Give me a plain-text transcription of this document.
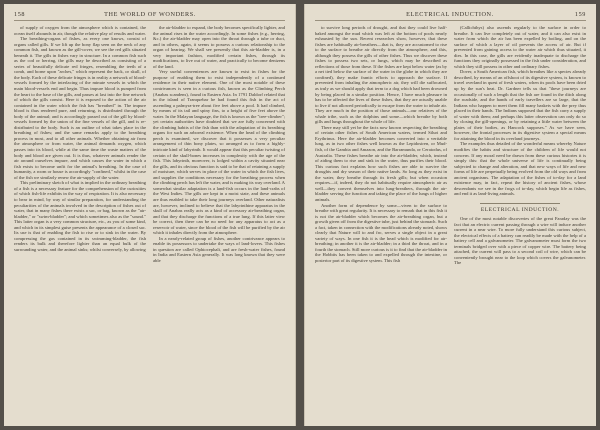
158	THE WORLD OF WONDERS.

of supply of oxygen from the atmosphere which is contained, the ocean itself abounds in air, though the relative play of results and water.

The breathing-organs of fishes, as every one knows, consist of organs called gills. If we lift up the bony flap seen on the neck of any common fish, and known as the gill-cover, we see the red gills situated beneath it. The gills in fishes vary in structure. In a common fish such as the cod or herring, the gills may be described as consisting of a series of beautifully delicate red fringes, resembling the teeth of a comb, and borne upon "arches," which represent the back, or skull, of the body. Each of these delicate fringes is in reality a network of blood-vessels formed by the interlacing of the minute vessels in which the main blood-vessels end and begin. Thus impure blood is pumped from the heart to the base of the gills, and passes at last into the fine network of which the gills consist. Here it is exposed to the action of the air contained in the water which the fish has "breathed" in. The impure blood is thus rendered pure, and returning, is distributed through the body of the animal; and is accordingly passed out of the gill by blood-vessels formed by the union of the fine vessels of the gill, and is re-distributed to the body. Such is an outline of what takes place in the breathing of fishes; and the same remarks apply to the breathing process in most, and to all other animals. Whether obtaining air from the atmosphere or from water, the animal demands oxygen, which passes into its blood, while at the same time the waste matters of the body and blood are given out. It is thus, whatever animals render the air around ourselves impure, and which causes the water in which a fish exists to become unfit for the animal's breathing. In the case of humanity, a room or house is accordingly "confined," whilst in the case of the fish we similarly renew the air-supply of the water.

This preliminary sketch of what is implied in the ordinary breathing of a fish is a necessary feature for the comprehension of the curiosities of which fish-life exhibits in the way of respiration. It is also necessary to bear in mind, by way of similar preparation, for understanding the peculiarities of the animals involved in the description of fishes out of water, that in many fishes there exists a sac, or bag, known as the "air-bladder," or "swim-bladder"; and which sometimes also as the "sound." This latter organ is a very common structure, etc., as you of some kind, and which in its simplest guise presents the appearance of a closed sac. Its use is that of enabling the fish to rise or to sink in the water. By compressing the gas contained in its swimming-bladder, the fish renders its bulk and therefore lighter than an equal bulk of the surrounding water, and the animal sinks; whilst conversely, by allowing

the air-bladder to expand, the body becomes specifically lighter, and the animal rises in the water accordingly. In some fishes (e.g., herring, &c.) the air-bladder may open into the throat through a tube or duct, and in others, again, it seems to possess a curious relationship to the organ of hearing. We shall see presently that this air-bladder is, in a very important fashion, modified certain fishes, through its modifications, to live out of water, and practically to become denizens of the land.

Very useful conveniences are known to exist in fishes for the purpose of enabling them to exist independently of a continued residence in their native element. One of the most notable of these contrivances is seen in a curious fish, known as the Climbing Perch (Anabas scandens), found in Eastern Asia. In 1791 Daldorf related that in the island of Tranquebar he had found this fish in the act of ascending a palmyra-tree about five feet above a pool. It had climbed, by means of its tail and spiny fins, to a height of five feet above the water. In the Malayan language, the fish is known as the "tree-climber"; yet certain authorities have doubted that we are fully concerned with the climbing habits of the fish than with the adaptation of its breathing organs for such an arboreal existence. When the head of the climbing perch is examined, we discover that it possesses a very peculiar arrangement of thin bony plates, so arranged as to form a highly-intricate kind of labyrinth. It would appear that this peculiar twisting of certain of the skull-bones increases in complexity with the age of the fish. This labyrinth, moreover, is lodged within a cavity situated near the gills, and its obvious function is said to be that of retaining a supply of moisture, which serves in place of the water in which the fish lives, and supplies the conditions necessary for the breathing process when the climbing perch has left the water, and is making its way overland. A somewhat similar adaptation is a land-fish occurs in the land-crabs of the West Indies. The gills are kept in a moist state, and these animals are thus enabled to take their long journeys overland. Other naturalists are, however, inclined to believe that the labyrinthine apparatus in the skull of Anabas really acts as a kind of accessory air-breathing organ, and that they discharge the functions of a true lung. If this latter view be correct, then there can be no need for any apparatus to act as a reservoir of water, since the blood of the fish will be purified by the air which it inhales directly from the atmosphere.

In a nearly-related group of fishes, another contrivance appears to enable its possessors to undertake the ways of land-lovers. This fishes in question are called Ophiocephali, and are fresh-water fishes, found in India and Eastern Asia generally. It was long known that they were able

ELECTRICAL INDUCTION.	159

to survive long periods of drought, and that they could live half-baked amongst the mud which was left at the bottom of pools nearly exhausted by the sun. Recent researches show, however, that these fishes are habitually air-breathers—that is, they are accustomed to rise to the surface to breathe air directly from the atmosphere, and this, although they possess the gills of other fishes. Thus we discover these fishes to possess two sets, or lungs, which may be described as reflections of those from these. If the fishes are kept below water (as by a net tied below the surface of the water in the globe in which they are confined), they make frantic efforts to approach the surface. If prevented from inhaling the atmospheric air, they will die suffocated, as truly as we should apply that term to a dog which had been drowned by being placed in a similar position. Hence, I have much pleasure in has to be affected the lives of these fishes, that they are actually unable to live if not allowed periodically to escape from the water to inhale air. They are much in the position of those animals—our relatives of the whale tribe, such as the dolphins and some—which breathe by both gills and lungs throughout the whole of life.

There may still yet be the facts now known respecting the breathing of certain other fishes of South American waters, termed Siluri and Erythrinus. Here the air-bladder becomes converted into a veritable lung, as in two other fishes well known as the Lepidosiren, or Mud-fish, of the Gambia and Amazon, and the Barramunda, or Ceratodus, of Australia. These fishes breathe air into the air-bladder, which, instead of aiding them to rise and sink in the water, thus purifies their blood. This curious fact explains how such fishes are able to survive the droughts and dry season of their native lands. So long as they exist in the water, they breathe through its fresh gills; but when occasion requires—if, indeed, they do not habitually require atmospheric air as well—they convert themselves into lung-breathers, through the air-bladder serving the function and taking the place of the lungs of higher animals.

Another form of dependence by some—viven to the surface to breathe with great regularity. It is necessary to remark that in this fish it is not the air-bladder which becomes the air-breathing organ, but a growth given off from the digestive tube, just behind the stomach. Such a fact, taken in connection with the modifications already noted, shows clearly that Nature will to and fro, serves a single object in a great variety of ways. In one fish it is the head which is modified for air-breathing; in another it is the air-bladder; in a third the throat, and in a fourth the stomach. Still more curious is it to find that the air-bladder in the Hobbits has been taken to and expelled through the intestine, or posterior part of its digestive system. This fish

(Callichthys) also ascends regularly to the surface in order to breathe. It can live completely out of water, and it can also exist in water from which the air has been expelled by boiling, and on the surface of which a layer of oil prevents the access of air. But if prevented from gaining access to the water air which thus situated, it dies. In this case, the gills are evidently inadequate to discharge the functions they originally possessed in the fish under consideration, and which they still possess in other and ordinary fishes.

Dover, a South American fish, which breathes like a species already described, by means of an offshoot of its digestive system, is known to travel overland in quest of fresh waters, when its pools have been dried up by the sun's heat. Dr. Gardner tells us that "these journeys are occasionally of such a length that the fish are found in the ditch along the roadside, and the hands of early travellers are so large, that the Indians who happen to meet them fill many baskets with the prey thus placed in their hands. The Indians supposed that the fish carry a supply of water with them; and perhaps this latter observation can only do so by closing the gill-openings, or by retaining a little water between the plates of their bodies, as Hancock supposes." As we have seen, however, the frontal processes in its digestive system a special means for attaining the blood in its overland journeys.

The examples thus detailed of the wonderful means whereby Nature modifies the habits and structure of the children of life would not concern. If any moral need be drawn from these curious histories it is simply this: that the whole universe of life is continually being subjected to change and alteration, and that new ways of life and new forms of life are perpetually being evolved from the old ways and from ancient organisms. The adaptation of the fishes of to-day for a land existence may, in fact, repeat the history of ancient fishes, whose descendants we see in the frogs of to-day, which begin life as fishes, and end it as land-living animals.

ELECTRICAL INDUCTION.

One of the most notable discoveries of the great Faraday was the fact that an electric current passing through a wire will induce another current in a near wire. To more fully understand this curious subject, the electrical effects of a battery can readily be made with the help of a battery cell and a galvanometer. The galvanometer must form the two terminals bridged over with a piece of copper wire. The battery being attached, the current will pass to a second coil of wire, which can be conveniently brought near to the loop which covers the galvanometer. The
